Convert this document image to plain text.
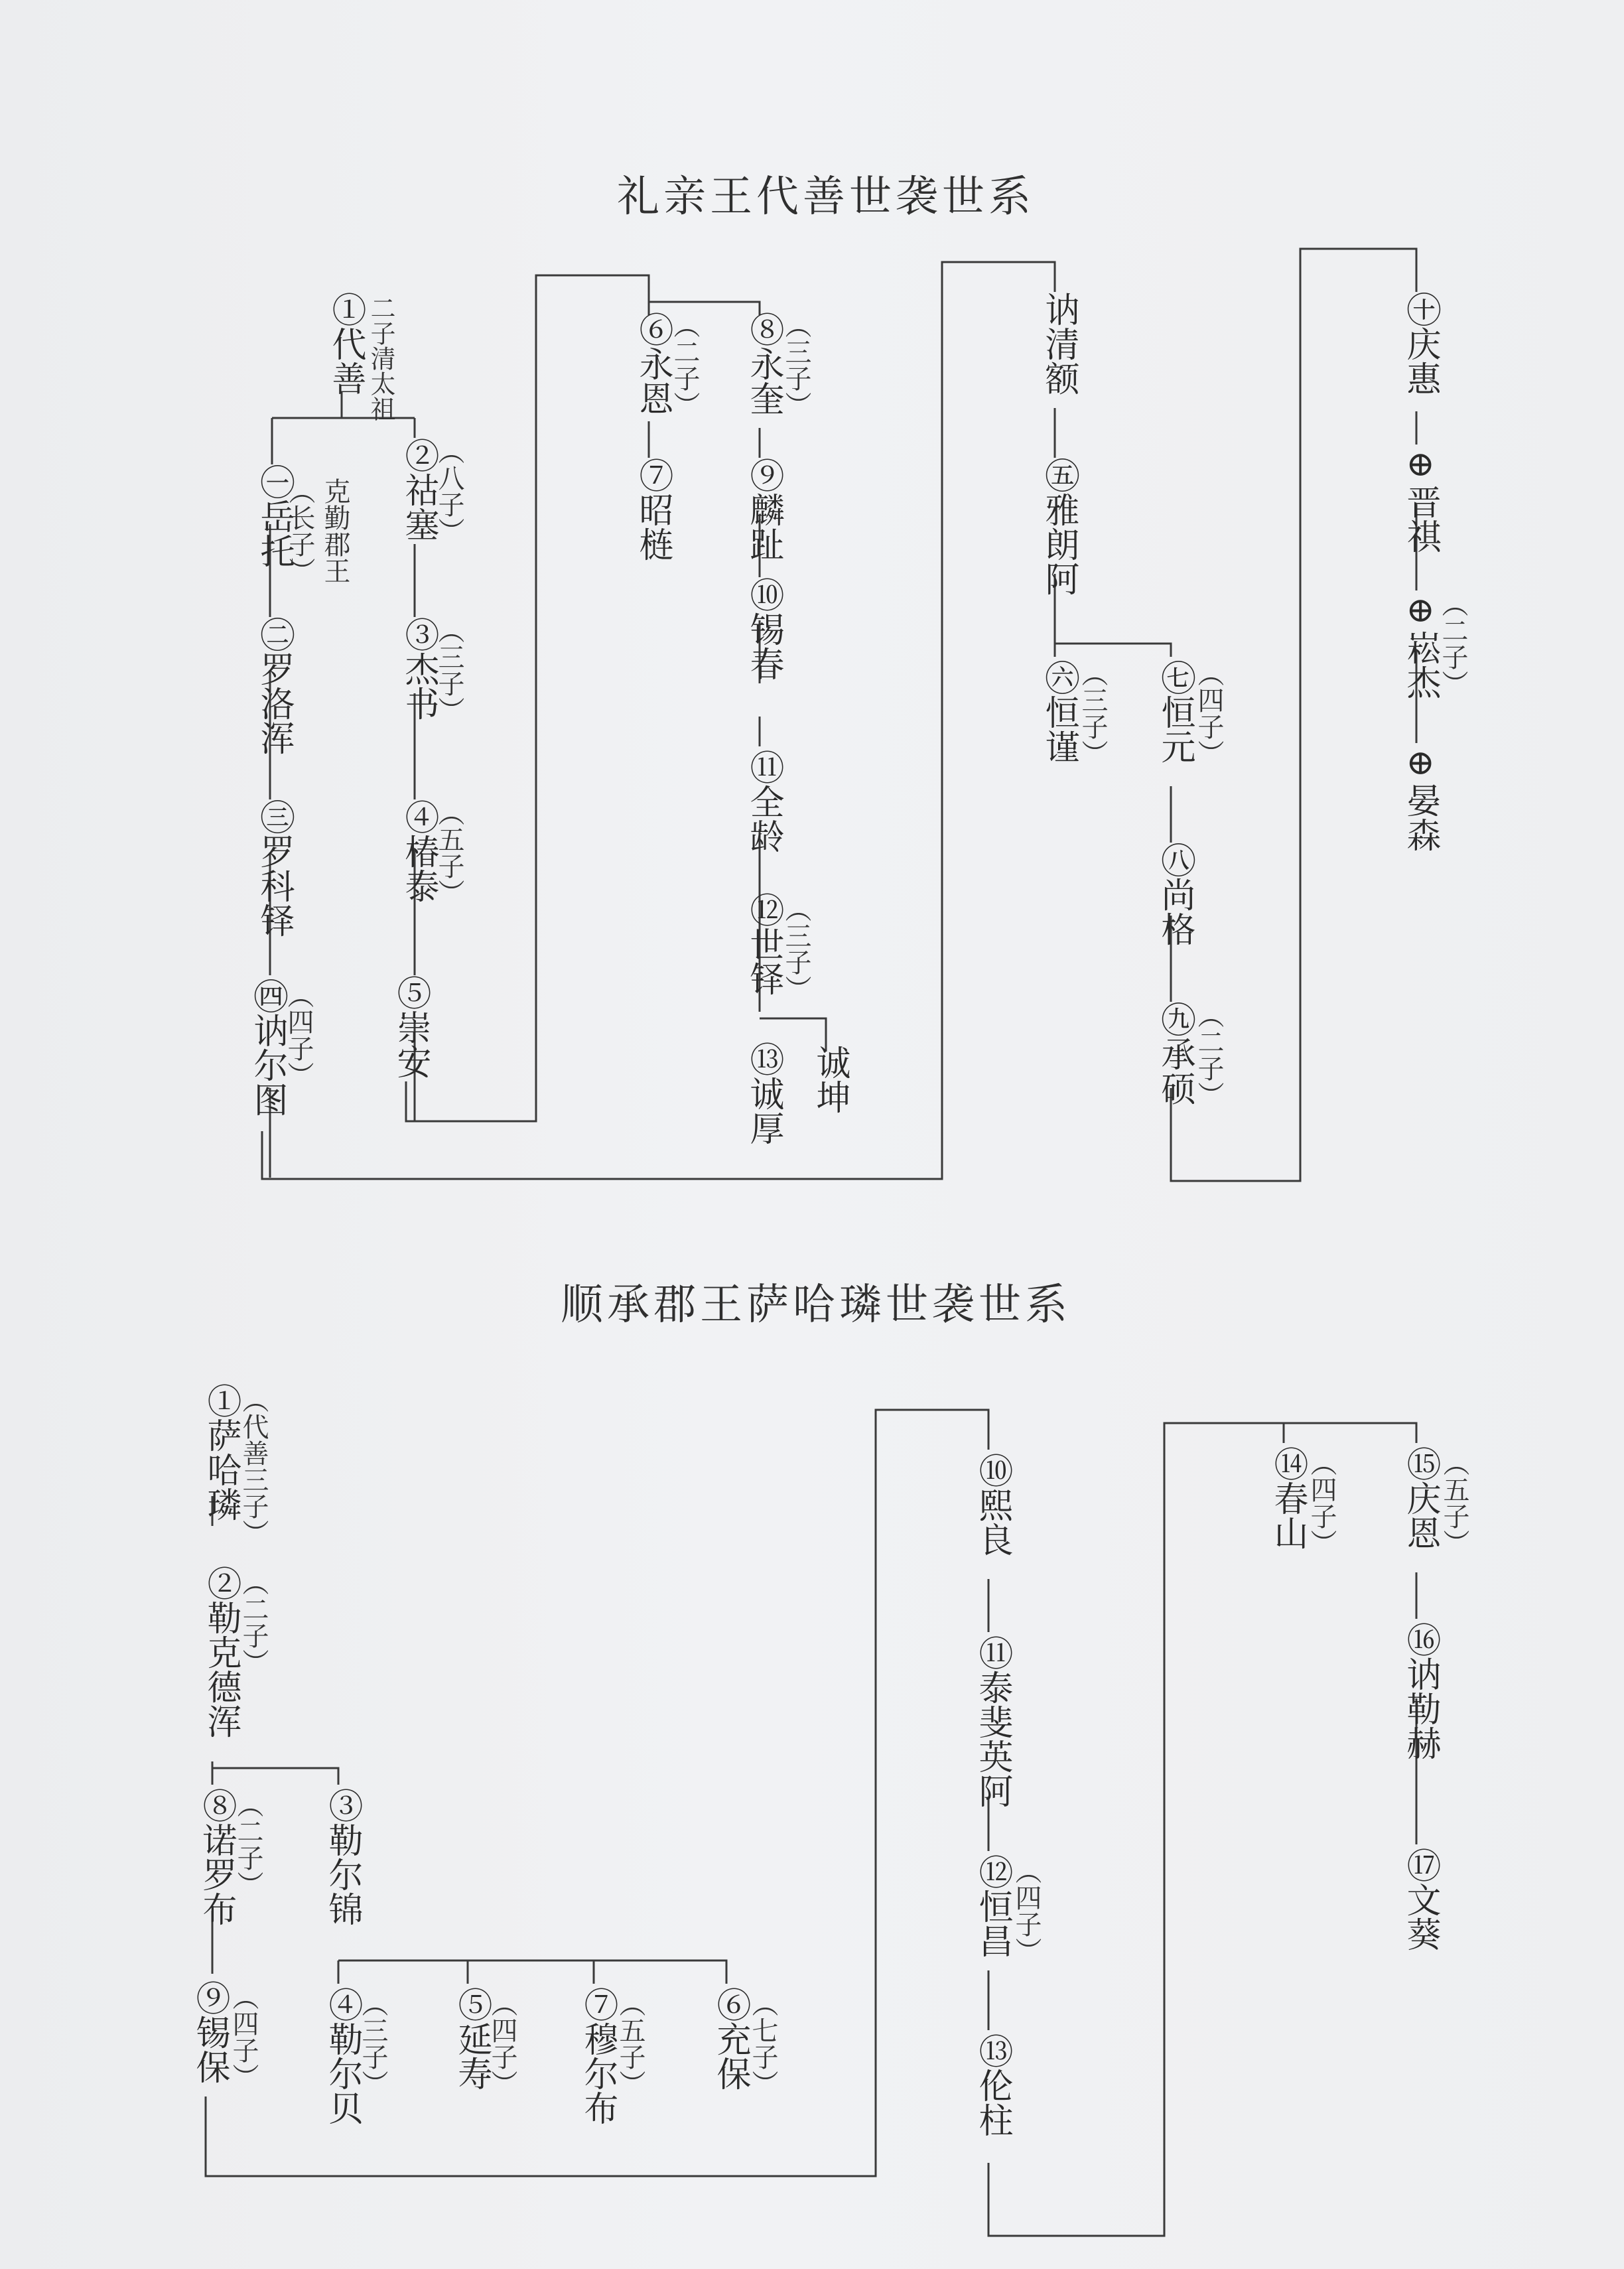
礼亲王代善世袭世系
顺承郡王萨哈璘世袭世系
①代善
㊀岳托
㊁罗洛浑
㊂罗科铎
㊃讷尔图
②祜塞
③杰书
④椿泰
⑤崇安
⑥永恩
⑦昭梿
⑧永奎
⑨麟趾
⑩锡春
⑪全龄
⑫世铎
⑬诚厚 诚坤
讷清额
㊄雅朗阿
㊅恒谨
㊆恒元
㊇尚格
㊈承硕
㊉庆惠
⊕晋祺
⊕崧杰
⊕晏森
二子清太祖
克勤郡王
（长子）	（八子）
（三子）
（五子）
（四子）
（二子）	（三子）
（三子）
（三子）	（四子）
（二子）
（二子）
①萨哈璘
②勒克德浑
③勒尔锦
⑧诺罗布
⑨锡保
④勒尔贝
⑤延寿
⑦穆尔布
⑥充保
⑩熙良
⑪泰斐英阿
⑫恒昌
⑬伦柱
⑭春山
⑮庆恩
⑯讷勒赫
⑰文葵
（代善三子）
（二子）
（二子）
（四子）	（三子）	（四子）	（五子）	（七子）
（四子）
（四子）	（五子）
